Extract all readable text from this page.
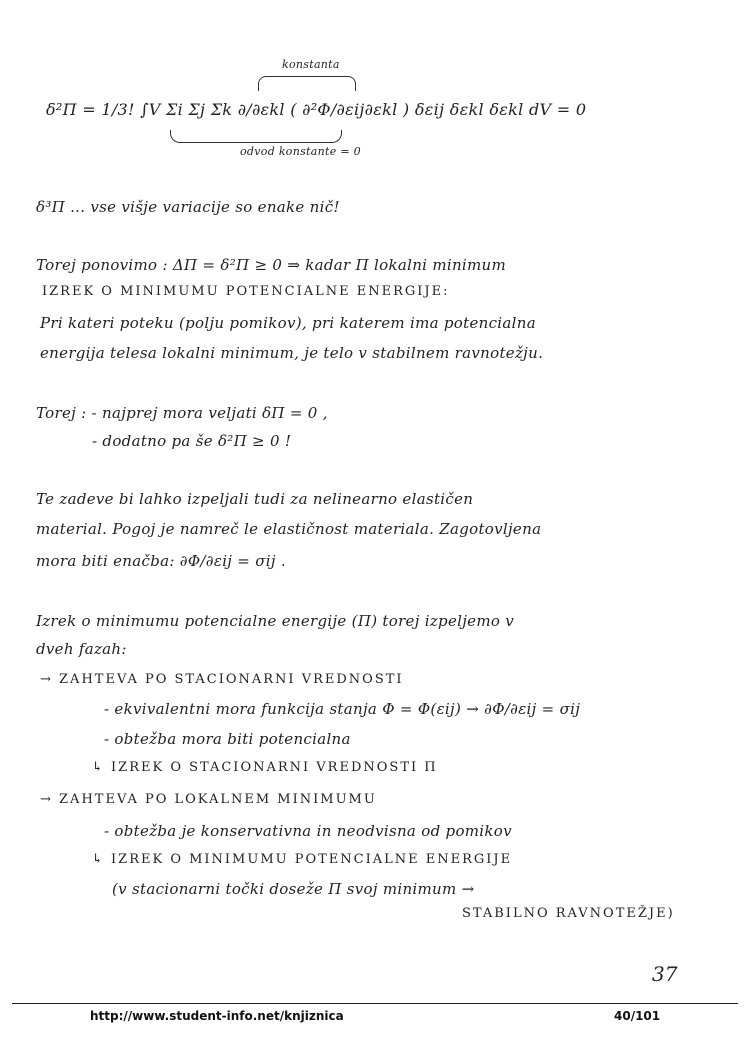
konstanta
δ²Π = 1/3! ∫V Σi Σj Σk ∂/∂εkl ( ∂²Φ/∂εij∂εkl ) δεij δεkl δεkl dV = 0
odvod konstante = 0
δ³Π ... vse višje variacije so enake nič!
Torej ponovimo : ΔΠ = δ²Π ≥ 0 ⇒ kadar Π lokalni minimum
IZREK O MINIMUMU POTENCIALNE ENERGIJE:
Pri kateri poteku (polju pomikov), pri katerem ima potencialna
energija telesa lokalni minimum, je telo v stabilnem ravnotežju.
Torej : - najprej mora veljati δΠ = 0 ,
- dodatno pa še δ²Π ≥ 0 !
Te zadeve bi lahko izpeljali tudi za nelinearno elastičen
material. Pogoj je namreč le elastičnost materiala. Zagotovljena
mora biti enačba: ∂Φ/∂εij = σij .
Izrek o minimumu potencialne energije (Π) torej izpeljemo v
dveh fazah:
→ ZAHTEVA PO STACIONARNI VREDNOSTI
- ekvivalentni mora funkcija stanja Φ = Φ(εij) → ∂Φ/∂εij = σij
- obtežba mora biti potencialna
↳ IZREK O STACIONARNI VREDNOSTI Π
→ ZAHTEVA PO LOKALNEM MINIMUMU
- obtežba je konservativna in neodvisna od pomikov
↳ IZREK O MINIMUMU POTENCIALNE ENERGIJE
(v stacionarni točki doseže Π svoj minimum →
STABILNO RAVNOTEŽJE)
37
http://www.student-info.net/knjiznica	40/101
